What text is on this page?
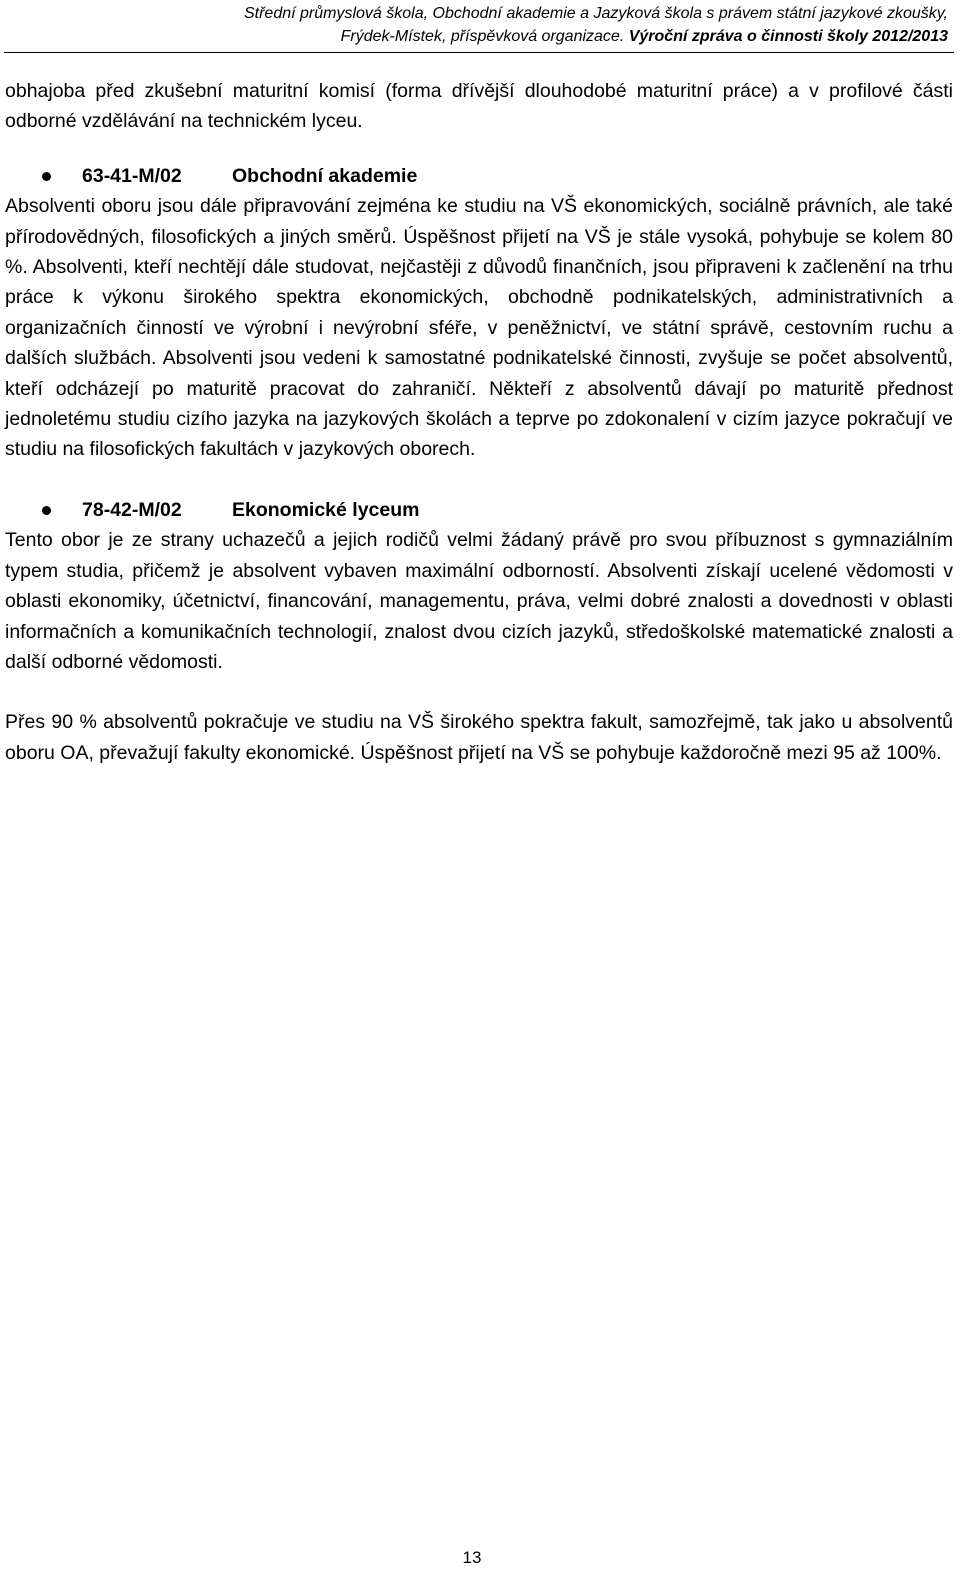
Střední průmyslová škola, Obchodní akademie a Jazyková škola s právem státní jazykové zkoušky,
Frýdek-Místek, příspěvková organizace. Výroční zpráva o činnosti školy 2012/2013

obhajoba před zkušební maturitní komisí (forma dřívější dlouhodobé maturitní práce) a v profilové části odborné vzdělávání na technickém lyceu.

63-41-M/02	Obchodní akademie

Absolventi oboru jsou dále připravování zejména ke studiu na VŠ ekonomických, sociálně právních, ale také přírodovědných, filosofických a jiných směrů. Úspěšnost přijetí na VŠ je stále vysoká, pohybuje se kolem 80 %. Absolventi, kteří nechtějí dále studovat, nejčastěji z důvodů finančních, jsou připraveni k začlenění na trhu práce k výkonu širokého spektra ekonomických, obchodně podnikatelských, administrativních a organizačních činností ve výrobní i nevýrobní sféře, v peněžnictví, ve státní správě, cestovním ruchu a dalších službách. Absolventi jsou vedeni k samostatné podnikatelské činnosti, zvyšuje se počet absolventů, kteří odcházejí po maturitě pracovat do zahraničí. Někteří z absolventů dávají po maturitě přednost jednoletému studiu cizího jazyka na jazykových školách a teprve po zdokonalení v cizím jazyce pokračují ve studiu na filosofických fakultách v jazykových oborech.

78-42-M/02	Ekonomické lyceum

Tento obor je ze strany uchazečů a jejich rodičů velmi žádaný právě pro svou příbuznost s gymnaziálním typem studia, přičemž je absolvent vybaven maximální odborností. Absolventi získají ucelené vědomosti v oblasti ekonomiky, účetnictví, financování, managementu, práva, velmi dobré znalosti a dovednosti v oblasti informačních a komunikačních technologií, znalost dvou cizích jazyků, středoškolské matematické znalosti a další odborné vědomosti.

Přes 90 % absolventů pokračuje ve studiu na VŠ širokého spektra fakult, samozřejmě, tak jako u absolventů oboru OA, převažují fakulty ekonomické. Úspěšnost přijetí na VŠ se pohybuje každoročně mezi 95 až 100%.

13
